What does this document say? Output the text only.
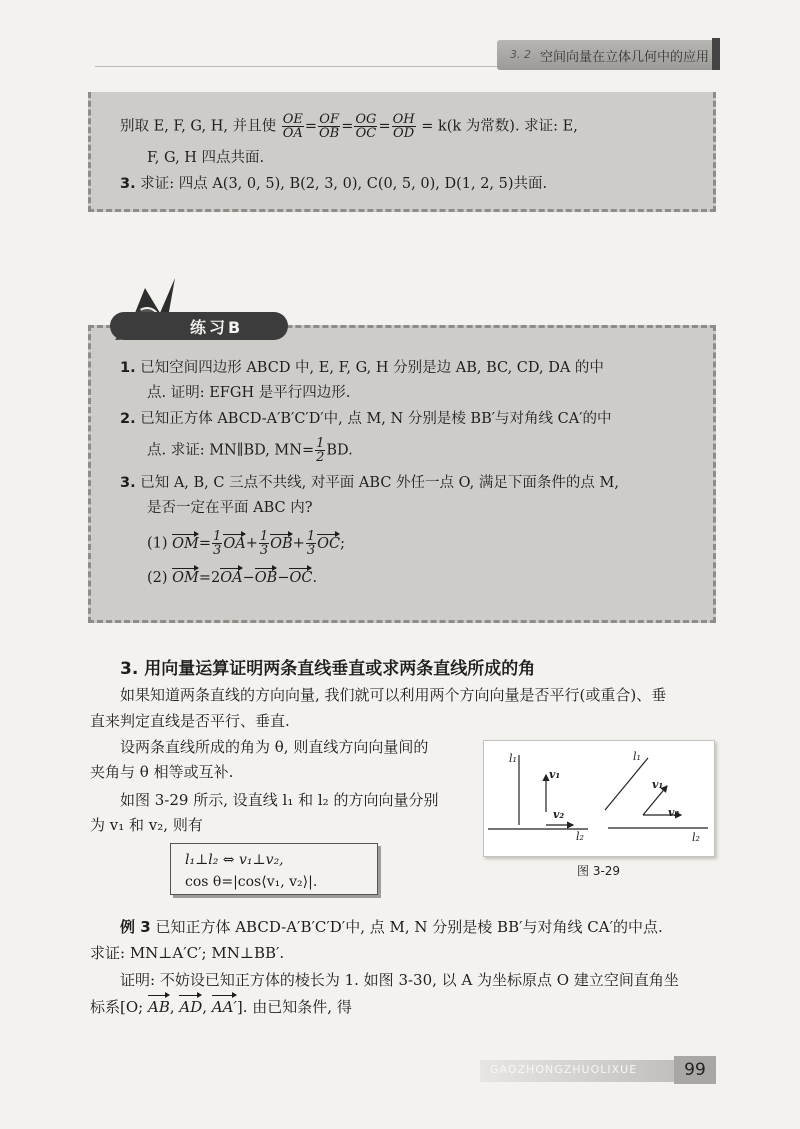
3. 2 空间向量在立体几何中的应用
别取 E, F, G, H, 并且使 $\frac{OE}{OA} = \frac{OF}{OB} = \frac{OG}{OC} = \frac{OH}{OD} = k(k$ 为常数). 求证: E,
F, G, H 四点共面.
3. 求证: 四点 A(3, 0, 5), B(2, 3, 0), C(0, 5, 0), D(1, 2, 5)共面.
练习B
1. 已知空间四边形 ABCD 中, E, F, G, H 分别是边 AB, BC, CD, DA 的中
点. 证明: EFGH 是平行四边形.
2. 已知正方体 ABCD-A′B′C′D′中, 点 M, N 分别是棱 BB′与对角线 CA′的中
点. 求证: MN∥BD, $MN= \frac{1}{2}$ BD.
3. 已知 A, B, C 三点不共线, 对平面 ABC 外任一点 O, 满足下面条件的点 M,
是否一定在平面 ABC 内?
(1) $OM= \frac{1}{3} OA+ \frac{1}{3} OB+ \frac{1}{3}$ OC;
(2) OM=2OA−OB−OC.
3. 用向量运算证明两条直线垂直或求两条直线所成的角
如果知道两条直线的方向向量, 我们就可以利用两个方向向量是否平行(或重合)、垂
直来判定直线是否平行、垂直.
设两条直线所成的角为 θ, 则直线方向向量间的
夹角与 θ 相等或互补.
如图 3-29 所示, 设直线 l₁ 和 l₂ 的方向向量分别
为 v₁ 和 v₂, 则有
l₁⊥l₂ ⇔ v₁⊥v₂,
cos θ=|cos⟨v₁, v₂⟩|.
l₁
v₁
v₂
l₂
l₁
v₁
v₂
l₂
图 3-29
例 3 已知正方体 ABCD-A′B′C′D′中, 点 M, N 分别是棱 BB′与对角线 CA′的中点.
求证: MN⊥A′C′; MN⊥BB′.
证明: 不妨设已知正方体的棱长为 1. 如图 3-30, 以 A 为坐标原点 O 建立空间直角坐
标系[O; AB, AD, AA′]. 由已知条件, 得
GAOZHONGZHUOLIXUE	99
